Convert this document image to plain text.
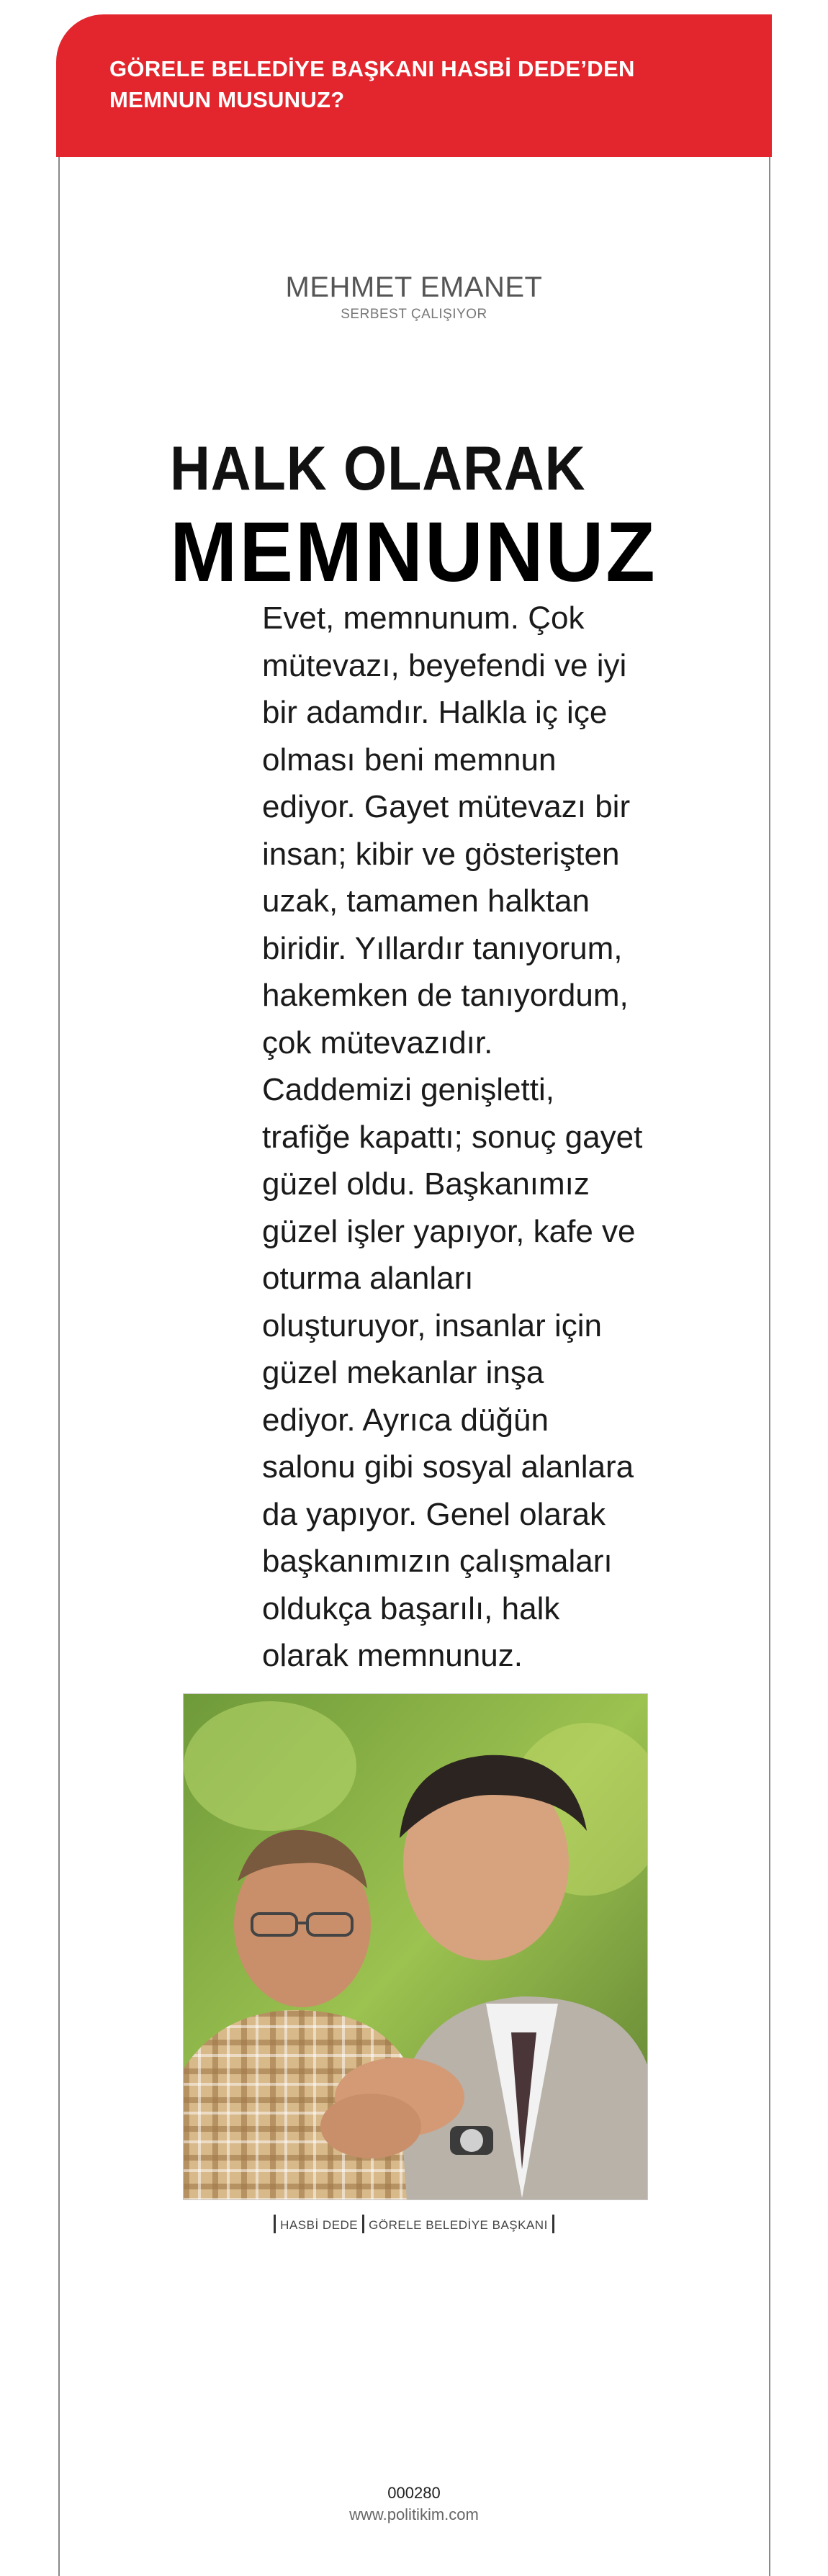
GÖRELE BELEDİYE BAŞKANI HASBİ DEDE’DEN MEMNUN MUSUNUZ?
MEHMET EMANET
SERBEST ÇALIŞIYOR
HALK OLARAK
MEMNUNUZ
Evet, memnunum. Çok
mütevazı, beyefendi ve iyi
bir adamdır. Halkla iç içe
olması beni memnun
ediyor. Gayet mütevazı bir
insan; kibir ve gösterişten
uzak, tamamen halktan
biridir. Yıllardır tanıyorum,
hakemken de tanıyordum,
çok mütevazıdır.
Caddemizi genişletti,
trafiğe kapattı; sonuç gayet
güzel oldu. Başkanımız
güzel işler yapıyor, kafe ve
oturma alanları
oluşturuyor, insanlar için
güzel mekanlar inşa
ediyor. Ayrıca düğün
salonu gibi sosyal alanlara
da yapıyor. Genel olarak
başkanımızın çalışmaları
oldukça başarılı, halk
olarak memnunuz.
HASBİ DEDE GÖRELE BELEDİYE BAŞKANI
000280
www.politikim.com
